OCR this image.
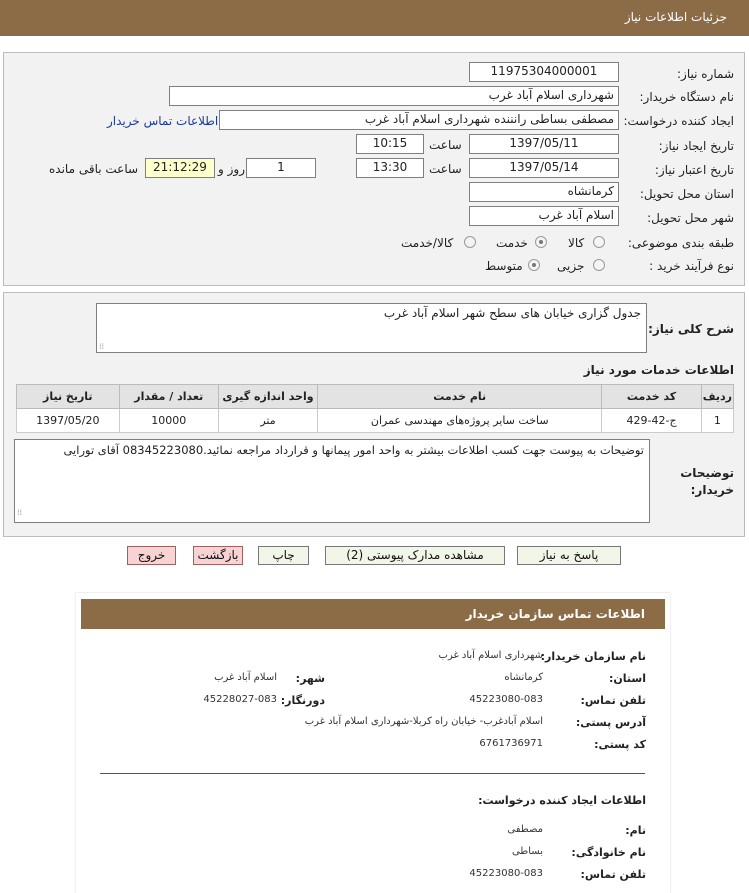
جزئیات اطلاعات نیاز
شماره نیاز:
11975304000001
نام دستگاه خریدار:
شهرداری اسلام آباد غرب
ایجاد کننده درخواست:
مصطفی بساطی رانننده شهرداری اسلام آباد غرب
اطلاعات تماس خریدار
تاریخ ایجاد نیاز:
1397/05/11
ساعت
10:15
تاریخ اعتبار نیاز:
1397/05/14
ساعت
13:30
1
روز و
21:12:29
ساعت باقی مانده
استان محل تحویل:
کرمانشاه
شهر محل تحویل:
اسلام آباد غرب
طبقه بندی موضوعی:
کالا
خدمت
کالا/خدمت
نوع فرآیند خرید :
جزیی
متوسط
شرح کلی نیاز:
جدول گزاری خیابان های سطح شهر اسلام آباد غرب
⁞⁞
اطلاعات خدمات مورد نیاز
ردیف	کد خدمت	نام خدمت	واحد اندازه گیری	تعداد / مقدار	تاریخ نیاز
1	ج-42-429	ساخت سایر پروژه‌های مهندسی عمران	متر	10000	1397/05/20
توضیحات خریدار:
توضیحات به پیوست جهت کسب اطلاعات بیشتر به واحد امور پیمانها و قرارداد مراجعه نمائید.08345223080 آقای تورایی
⁞⁞
پاسخ به نیاز
مشاهده مدارک پیوستی (2)
چاپ
بازگشت
خروج
اطلاعات تماس سازمان خریدار
نام سازمان خریدار:
شهرداری اسلام آباد غرب
استان:
کرمانشاه
شهر:
اسلام آباد غرب
تلفن تماس:
45223080-083
دورنگار:
45228027-083
آدرس پستی:
اسلام آبادغرب- خیابان راه کربلا-شهرداری اسلام آباد غرب
کد پستی:
6761736971
اطلاعات ایجاد کننده درخواست:
نام:
مصطفی
نام خانوادگی:
بساطی
تلفن تماس:
45223080-083
